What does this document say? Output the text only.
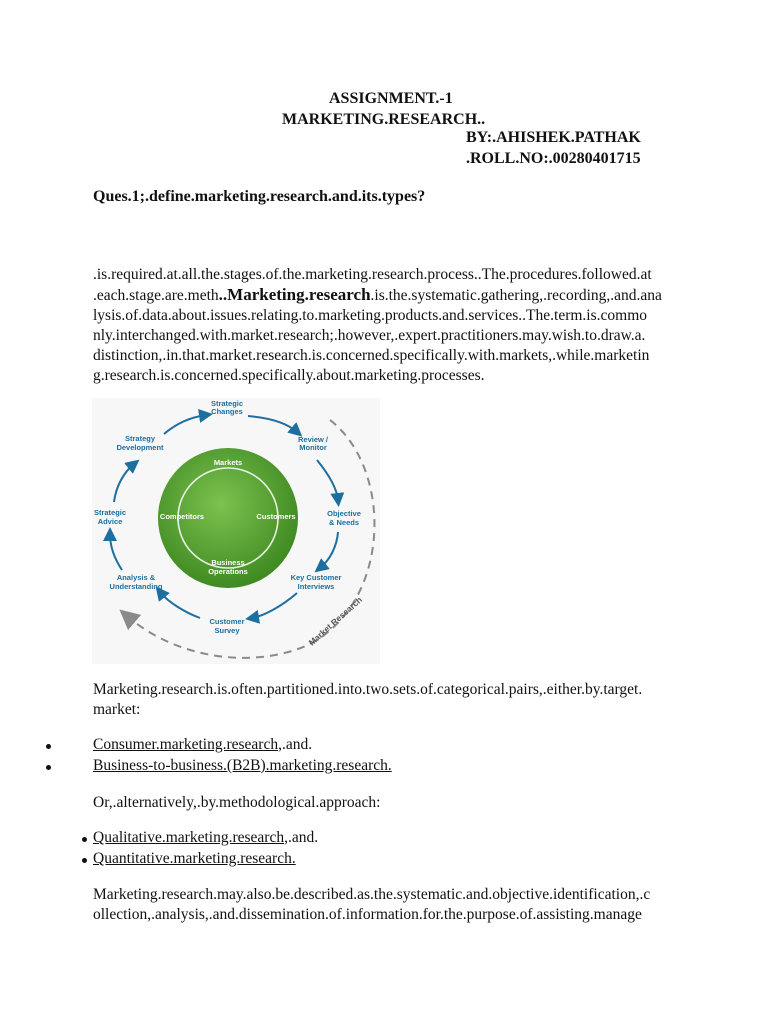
ASSIGNMENT.-1
MARKETING.RESEARCH..
BY:.AHISHEK.PATHAK
.ROLL.NO:.00280401715
Ques.1;.define.marketing.research.and.its.types?
.is.required.at.all.the.stages.of.the.marketing.research.process..The.procedures.followed.at
.each.stage.are.meth..Marketing.research.is.the.systematic.gathering,.recording,.and.ana
lysis.of.data.about.issues.relating.to.marketing.products.and.services..The.term.is.commo
nly.interchanged.with.market.research;.however,.expert.practitioners.may.wish.to.draw.a.
distinction,.in.that.market.research.is.concerned.specifically.with.markets,.while.marketin
g.research.is.concerned.specifically.about.marketing.processes.
Market Research
Markets
Competitors	Customers
Business
Operations
Strategic
Changes
Review /
Monitor
Objective
& Needs
Key Customer
Interviews
Customer
Survey
Analysis &
Understanding
Strategic
Advice
Strategy
Development
Marketing.research.is.often.partitioned.into.two.sets.of.categorical.pairs,.either.by.target.
market:
Consumer.marketing.research,.and.
Business-to-business.(B2B).marketing.research.
Or,.alternatively,.by.methodological.approach:
Qualitative.marketing.research,.and.
Quantitative.marketing.research.
Marketing.research.may.also.be.described.as.the.systematic.and.objective.identification,.c
ollection,.analysis,.and.dissemination.of.information.for.the.purpose.of.assisting.manage
